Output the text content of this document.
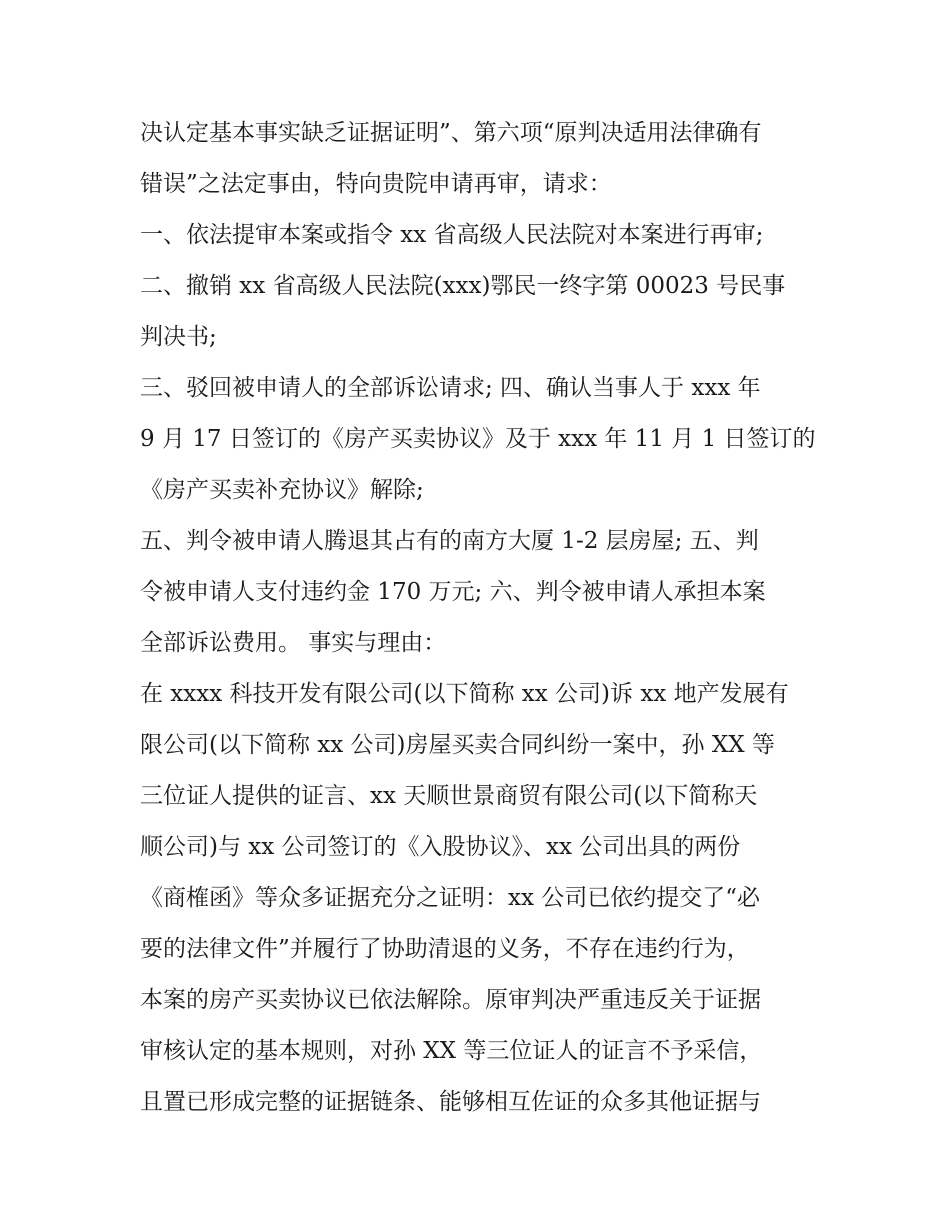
决认定基本事实缺乏证据证明”、第六项“原判决适用法律确有
错误”之法定事由，特向贵院申请再审，请求：
一、依法提审本案或指令 xx 省高级人民法院对本案进行再审;
二、撤销 xx 省高级人民法院(xxx)鄂民一终字第 00023 号民事
判决书;
三、驳回被申请人的全部诉讼请求; 四、确认当事人于 xxx 年
9 月 17 日签订的《房产买卖协议》及于 xxx 年 11 月 1 日签订的
《房产买卖补充协议》解除;
五、判令被申请人腾退其占有的南方大厦 1-2 层房屋; 五、判
令被申请人支付违约金 170 万元; 六、判令被申请人承担本案
全部诉讼费用。 事实与理由：
在 xxxx 科技开发有限公司(以下简称 xx 公司)诉 xx 地产发展有
限公司(以下简称 xx 公司)房屋买卖合同纠纷一案中，孙 XX 等
三位证人提供的证言、xx 天顺世景商贸有限公司(以下简称天
顺公司)与 xx 公司签订的《入股协议》、xx 公司出具的两份
《商榷函》等众多证据充分之证明：xx 公司已依约提交了“必
要的法律文件”并履行了协助清退的义务，不存在违约行为，
本案的房产买卖协议已依法解除。原审判决严重违反关于证据
审核认定的基本规则，对孙 XX 等三位证人的证言不予采信，
且置已形成完整的证据链条、能够相互佐证的众多其他证据与
